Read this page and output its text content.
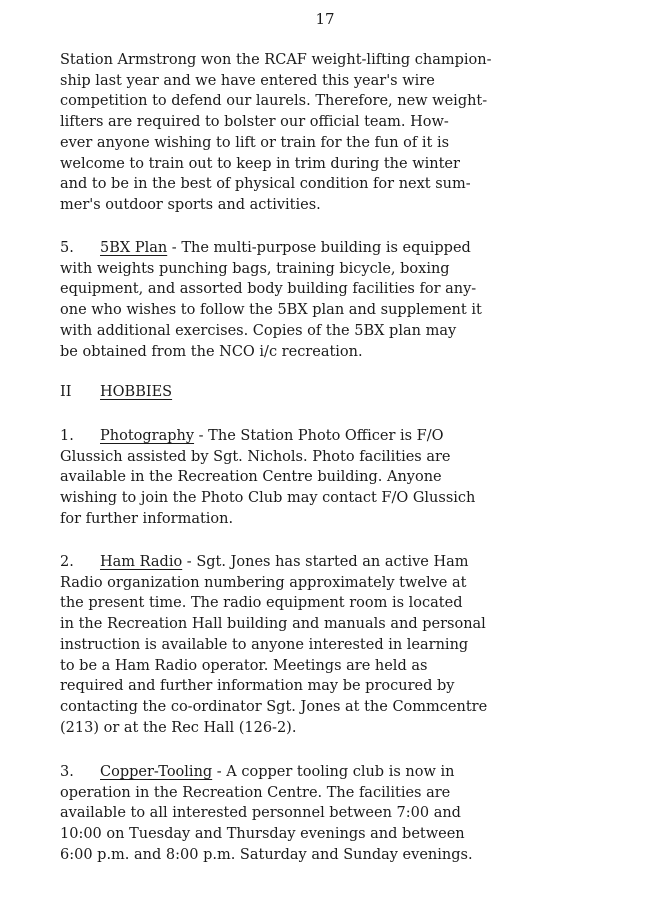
17

Station Armstrong won the RCAF weight-lifting champion-
ship last year and we have entered this year's wire
competition to defend our laurels. Therefore, new weight-
lifters are required to bolster our official team. How-
ever anyone wishing to lift or train for the fun of it is
welcome to train out to keep in trim during the winter
and to be in the best of physical condition for next sum-
mer's outdoor sports and activities.

5. 5BX Plan - The multi-purpose building is equipped
with weights punching bags, training bicycle, boxing
equipment, and assorted body building facilities for any-
one who wishes to follow the 5BX plan and supplement it
with additional exercises. Copies of the 5BX plan may
be obtained from the NCO i/c recreation.

II HOBBIES

1. Photography - The Station Photo Officer is F/O
Glussich assisted by Sgt. Nichols. Photo facilities are
available in the Recreation Centre building. Anyone
wishing to join the Photo Club may contact F/O Glussich
for further information.

2. Ham Radio - Sgt. Jones has started an active Ham
Radio organization numbering approximately twelve at
the present time. The radio equipment room is located
in the Recreation Hall building and manuals and personal
instruction is available to anyone interested in learning
to be a Ham Radio operator. Meetings are held as
required and further information may be procured by
contacting the co-ordinator Sgt. Jones at the Commcentre
(213) or at the Rec Hall (126-2).

3. Copper-Tooling - A copper tooling club is now in
operation in the Recreation Centre. The facilities are
available to all interested personnel between 7:00 and
10:00 on Tuesday and Thursday evenings and between
6:00 p.m. and 8:00 p.m. Saturday and Sunday evenings.
